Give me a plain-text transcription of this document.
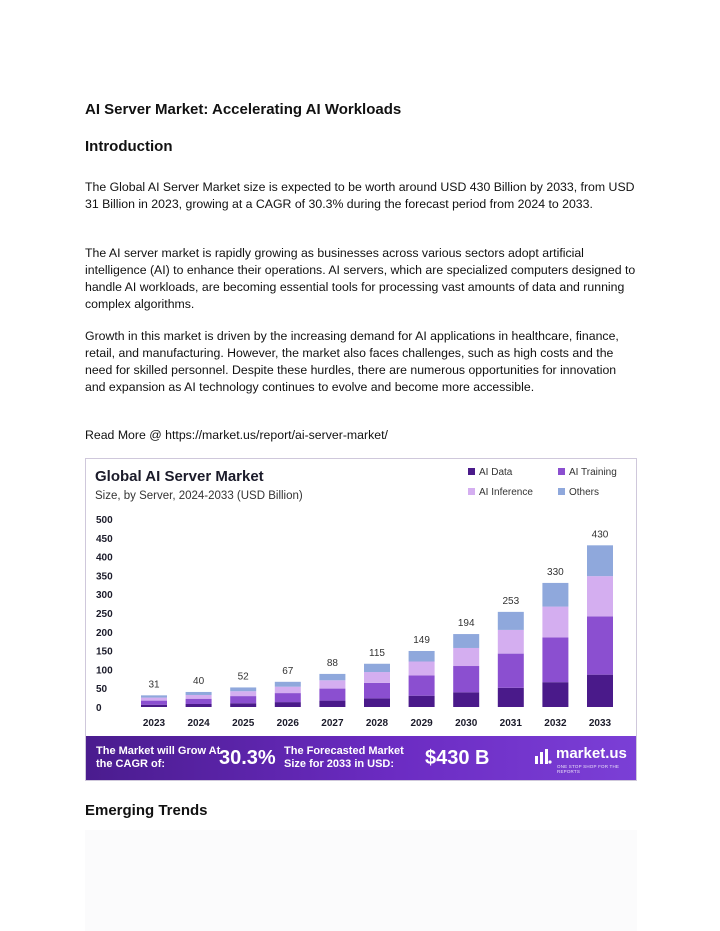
AI Server Market: Accelerating AI Workloads
Introduction

The Global AI Server Market size is expected to be worth around USD 430 Billion by 2033, from USD 31 Billion in 2023, growing at a CAGR of 30.3% during the forecast period from 2024 to 2033.

The AI server market is rapidly growing as businesses across various sectors adopt artificial intelligence (AI) to enhance their operations. AI servers, which are specialized computers designed to handle AI workloads, are becoming essential tools for processing vast amounts of data and running complex algorithms.

Growth in this market is driven by the increasing demand for AI applications in healthcare, finance, retail, and manufacturing. However, the market also faces challenges, such as high costs and the need for skilled personnel. Despite these hurdles, there are numerous opportunities for innovation and expansion as AI technology continues to evolve and become more accessible.

Read More @ https://market.us/report/ai-server-market/

Emerging Trends
Global AI Server Market
Size, by Server, 2024-2033 (USD Billion)
AI Data	AI Training
AI Inference	Others
0
50
100
150
200
250
300
350
400
450
500
31
2023
40
2024
52
2025
67
2026
88
2027
115
2028
149
2029
194
2030
253
2031
330
2032
430
2033
The Market will Grow At the CAGR of:	30.3% The Forecasted Market Size for 2033 in USD:	$430 B	market.us
ONE STOP SHOP FOR THE REPORTS
